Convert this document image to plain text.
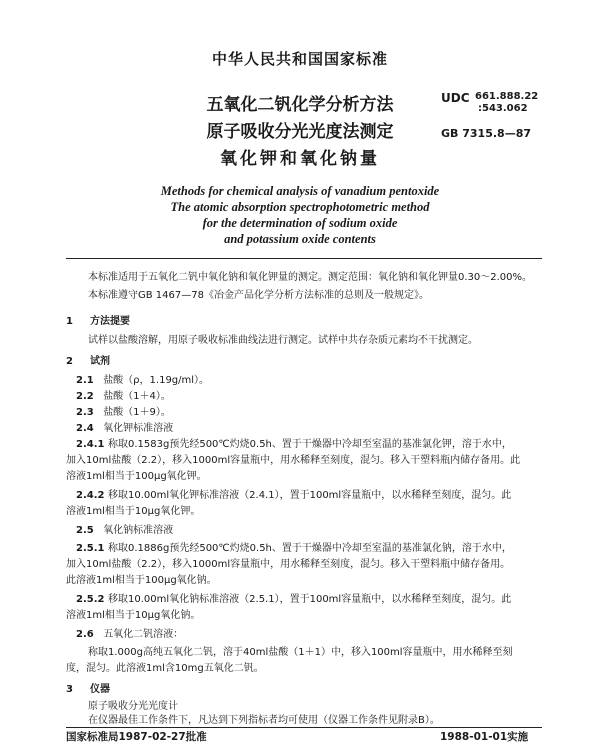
中华人民共和国国家标准
五氧化二钒化学分析方法
原子吸收分光光度法测定
氧化钾和氧化钠量
UDC 661.888.22
:543.062
GB 7315.8—87
Methods for chemical analysis of vanadium pentoxide
The atomic absorption spectrophotometric method
for the determination of sodium oxide
and potassium oxide contents
本标准适用于五氧化二钒中氧化钠和氧化钾量的测定。测定范围：氧化钠和氧化钾量0.30～2.00%。
本标准遵守GB 1467—78《冶金产品化学分析方法标准的总则及一般规定》。
1 方法提要
试样以盐酸溶解，用原子吸收标准曲线法进行测定。试样中共存杂质元素均不干扰测定。
2 试剂
2.1 盐酸（ρ，1.19g/ml）。
2.2 盐酸（1＋4）。
2.3 盐酸（1＋9）。
2.4 氧化钾标准溶液
2.4.1 称取0.1583g预先经500℃灼烧0.5h、置于干燥器中冷却至室温的基准氯化钾，溶于水中，
加入10ml盐酸（2.2），移入1000ml容量瓶中，用水稀释至刻度，混匀。移入干塑料瓶内储存备用。此
溶液1ml相当于100μg氧化钾。
2.4.2 移取10.00ml氧化钾标准溶液（2.4.1），置于100ml容量瓶中，以水稀释至刻度，混匀。此
溶液1ml相当于10μg氧化钾。
2.5 氧化钠标准溶液
2.5.1 称取0.1886g预先经500℃灼烧0.5h、置于干燥器中冷却至室温的基准氯化钠，溶于水中，
加入10ml盐酸（2.2），移入1000ml容量瓶中，用水稀释至刻度，混匀。移入干塑料瓶中储存备用。
此溶液1ml相当于100μg氧化钠。
2.5.2 移取10.00ml氧化钠标准溶液（2.5.1），置于100ml容量瓶中，以水稀释至刻度，混匀。此
溶液1ml相当于10μg氧化钠。
2.6 五氧化二钒溶液：
称取1.000g高纯五氧化二钒，溶于40ml盐酸（1＋1）中，移入100ml容量瓶中，用水稀释至刻
度，混匀。此溶液1ml含10mg五氧化二钒。
3 仪器
原子吸收分光光度计
在仪器最佳工作条件下，凡达到下列指标者均可使用（仪器工作条件见附录B）。
国家标准局1987-02-27批准	1988-01-01实施
